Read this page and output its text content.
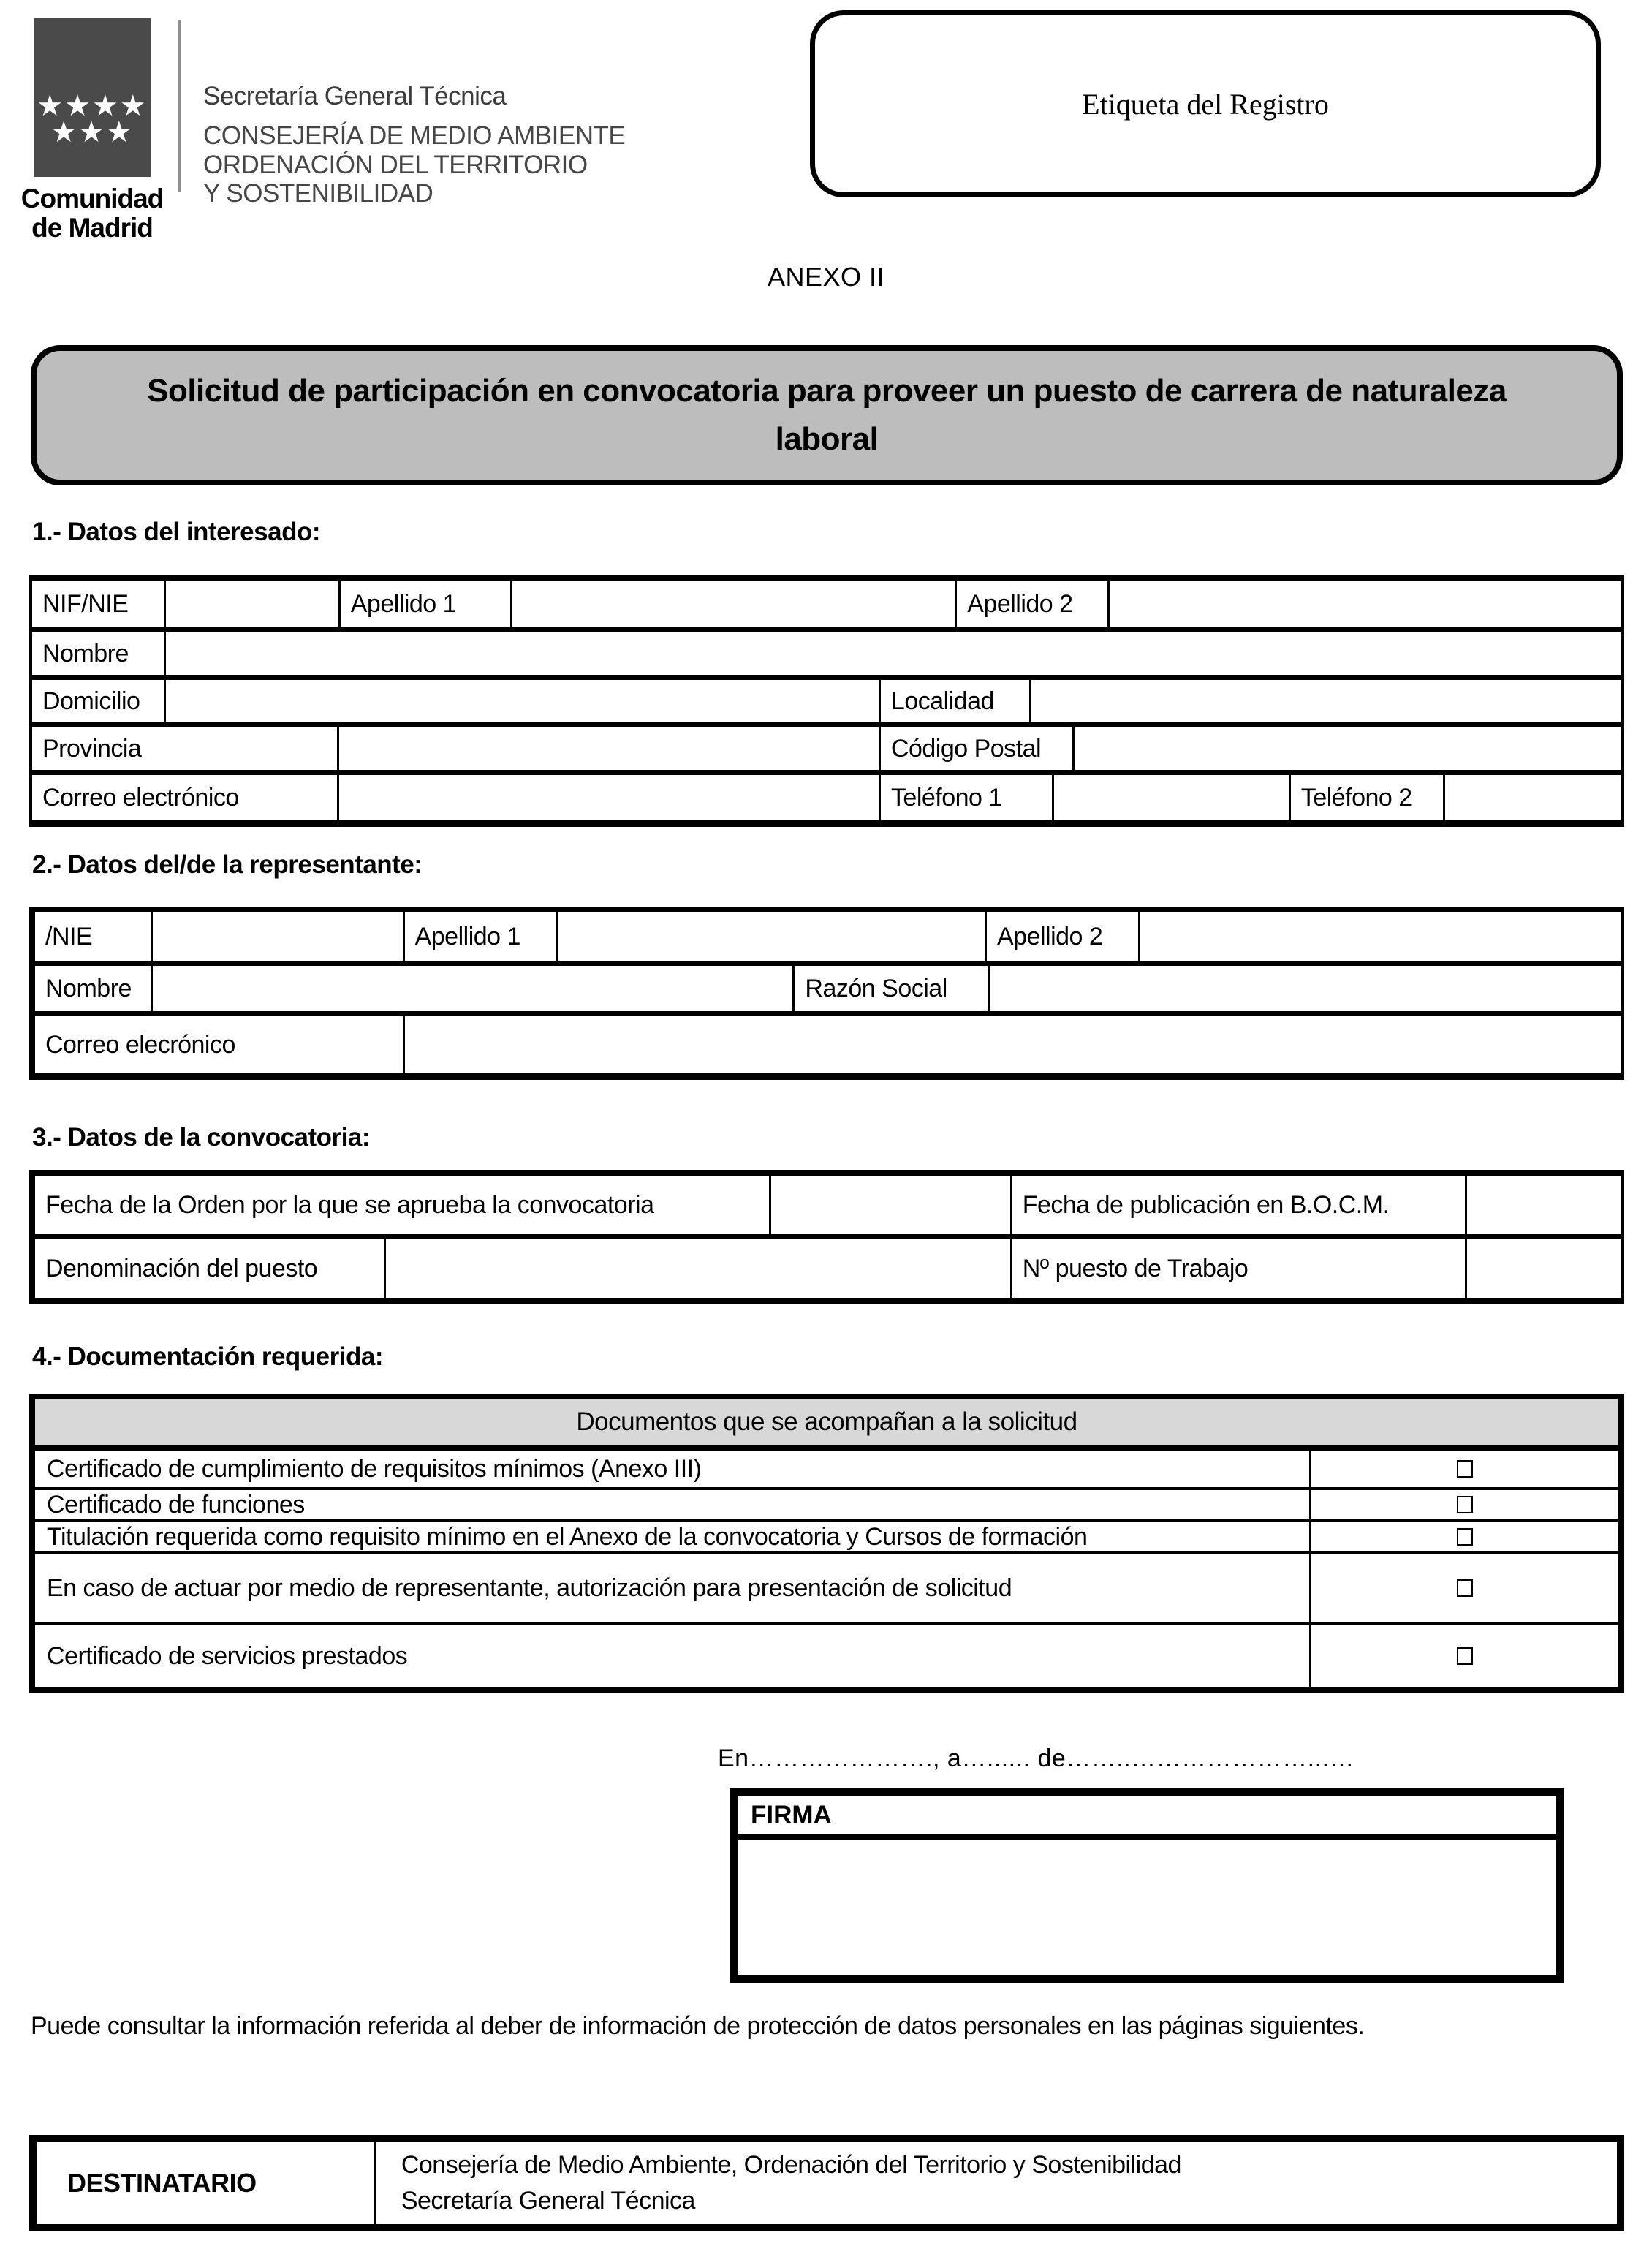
★★★★
★★★
Comunidad
de Madrid
Secretaría General Técnica
CONSEJERÍA DE MEDIO AMBIENTE
ORDENACIÓN DEL TERRITORIO
Y SOSTENIBILIDAD
Etiqueta del Registro
ANEXO II
Solicitud de participación en convocatoria para proveer un puesto de carrera de naturaleza laboral
1.- Datos del interesado:
NIF/NIE	Apellido 1	Apellido 2
Nombre
Domicilio	Localidad
Provincia	Código Postal
Correo electrónico	Teléfono 1	Teléfono 2
2.- Datos del/de la representante:
/NIE	Apellido 1	Apellido 2
Nombre	Razón Social
Correo elecrónico
3.- Datos de la convocatoria:
Fecha de la Orden por la que se aprueba la convocatoria	Fecha de publicación en B.O.C.M.
Denominación del puesto	Nº puesto de Trabajo
4.- Documentación requerida:
Documentos que se acompañan a la solicitud
Certificado de cumplimiento de requisitos mínimos (Anexo III)
Certificado de funciones
Titulación requerida como requisito mínimo en el Anexo de la convocatoria y Cursos de formación
En caso de actuar por medio de representante, autorización para presentación de solicitud
Certificado de servicios prestados
En…………………., a…...... de……..…………………...…
FIRMA
Puede consultar la información referida al deber de información de protección de datos personales en las páginas siguientes.
DESTINATARIO
Consejería de Medio Ambiente, Ordenación del Territorio y Sostenibilidad
Secretaría General Técnica
